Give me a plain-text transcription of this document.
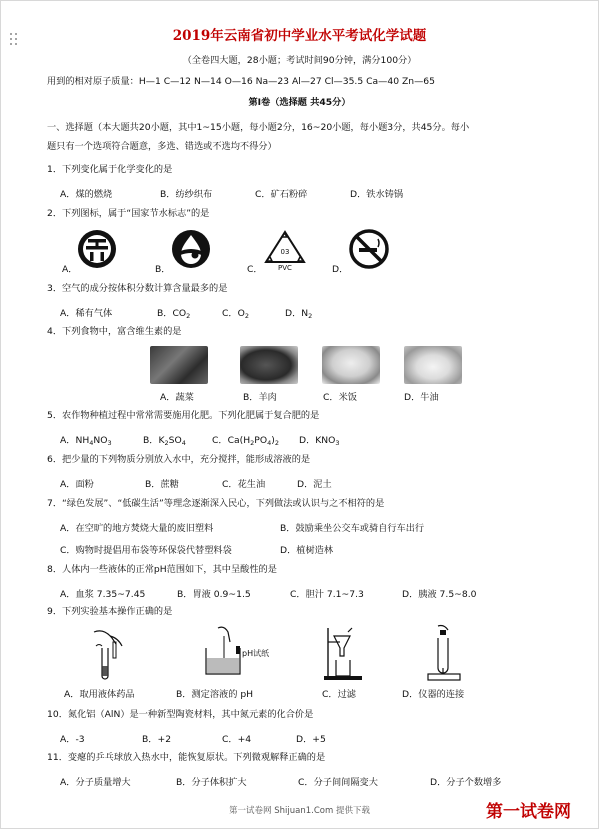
2019年云南省初中学业水平考试化学试题
（全卷四大题，28小题；考试时间90分钟，满分100分）
用到的相对原子质量：H—1 C—12 N—14 O—16 Na—23 Al—27 Cl—35.5 Ca—40 Zn—65
第Ⅰ卷（选择题 共45分）
一、选择题（本大题共20小题，其中1~15小题，每小题2分，16~20小题，每小题3分，共45分。每小
题只有一个选项符合题意，多选、错选或不选均不得分）
1．下列变化属于化学变化的是
A．煤的燃烧	B．纺纱织布	C．矿石粉碎	D．铁水铸锅
2．下列图标，属于“国家节水标志”的是
A．	B．	C．
03
PVC	D．
3．空气的成分按体积分数计算含量最多的是
A．稀有气体	B．$CO_2$	C．$O_2$	D．$N_2$
4．下列食物中，富含维生素的是
A．蔬菜	B．羊肉	C．米饭	D．牛油
5．农作物种植过程中常常需要施用化肥。下列化肥属于复合肥的是
A．$NH_4NO_3$	B．$K_2SO_4$	C．$Ca(H_2PO_4)_2$ D．$KNO_3$
6．把少量的下列物质分别放入水中，充分搅拌，能形成溶液的是
A．面粉	B．蔗糖	C．花生油	D．泥土
7．“绿色发展”、“低碳生活”等理念逐渐深入民心，下列做法或认识与之不相符的是
A．在空旷的地方焚烧大量的废旧塑料	B．鼓励乘坐公交车或骑自行车出行
C．购物时提倡用布袋等环保袋代替塑料袋	D．植树造林
8．人体内一些液体的正常pH范围如下，其中呈酸性的是
A．血浆 7.35~7.45	B．胃液 0.9~1.5	C．胆汁 7.1~7.3	D．胰液 7.5~8.0
9．下列实验基本操作正确的是
pH试纸
A．取用液体药品	B．测定溶液的 pH	C．过滤	D．仪器的连接
10．氮化铝（AlN）是一种新型陶瓷材料，其中氮元素的化合价是
A．-3	B．+2	C．+4	D．+5
11．变瘪的乒乓球放入热水中，能恢复原状。下列微观解释正确的是
A．分子质量增大	B．分子体积扩大	C．分子间间隔变大	D．分子个数增多
第一试卷网 Shijuan1.Com 提供下载	第一试卷网
